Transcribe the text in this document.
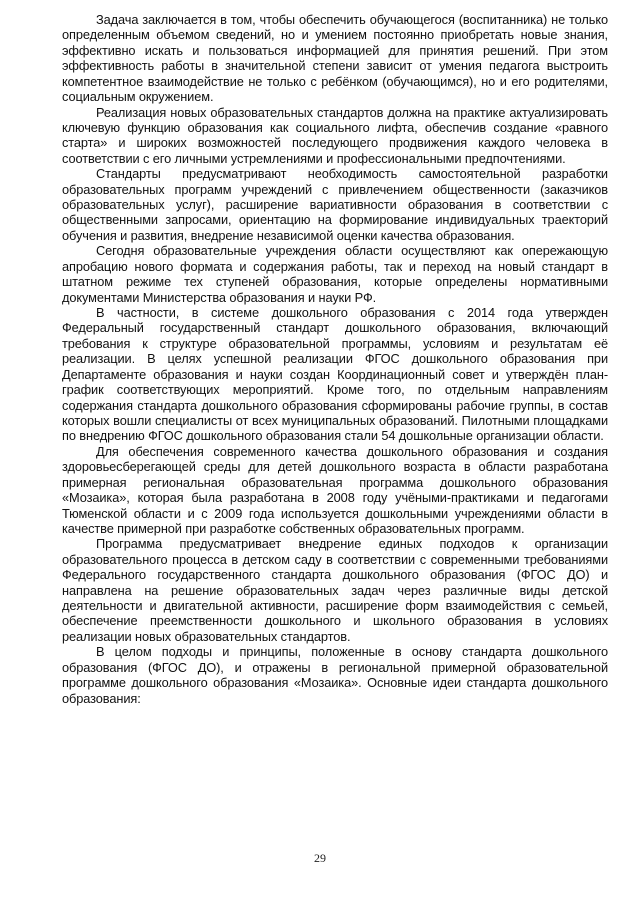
Задача заключается в том, чтобы обеспечить обучающегося (воспитанника) не только определенным объемом сведений, но и умением постоянно приобретать новые знания, эффективно искать и пользоваться информацией для принятия решений. При этом эффективность работы в значительной степени зависит от умения педагога выстроить компетентное взаимодействие не только с ребёнком (обучающимся), но и его родителями, социальным окружением.

Реализация новых образовательных стандартов должна на практике актуализировать ключевую функцию образования как социального лифта, обеспечив создание «равного старта» и широких возможностей последующего продвижения каждого человека в соответствии с его личными устремлениями и профессиональными предпочтениями.

Стандарты предусматривают необходимость самостоятельной разработки образовательных программ учреждений с привлечением общественности (заказчиков образовательных услуг), расширение вариативности образования в соответствии с общественными запросами, ориентацию на формирование индивидуальных траекторий обучения и развития, внедрение независимой оценки качества образования.

Сегодня образовательные учреждения области осуществляют как опережающую апробацию нового формата и содержания работы, так и переход на новый стандарт в штатном режиме тех ступеней образования, которые определены нормативными документами Министерства образования и науки РФ.

В частности, в системе дошкольного образования с 2014 года утвержден Федеральный государственный стандарт дошкольного образования, включающий требования к структуре образовательной программы, условиям и результатам её реализации. В целях успешной реализации ФГОС дошкольного образования при Департаменте образования и науки создан Координационный совет и утверждён план-график соответствующих мероприятий. Кроме того, по отдельным направлениям содержания стандарта дошкольного образования сформированы рабочие группы, в состав которых вошли специалисты от всех муниципальных образований. Пилотными площадками по внедрению ФГОС дошкольного образования стали 54 дошкольные организации области.

Для обеспечения современного качества дошкольного образования и создания здоровьесберегающей среды для детей дошкольного возраста в области разработана примерная региональная образовательная программа дошкольного образования «Мозаика», которая была разработана в 2008 году учёными-практиками и педагогами Тюменской области и с 2009 года используется дошкольными учреждениями области в качестве примерной при разработке собственных образовательных программ.

Программа предусматривает внедрение единых подходов к организации образовательного процесса в детском саду в соответствии с современными требованиями Федерального государственного стандарта дошкольного образования (ФГОС ДО) и направлена на решение образовательных задач через различные виды детской деятельности и двигательной активности, расширение форм взаимодействия с семьей, обеспечение преемственности дошкольного и школьного образования в условиях реализации новых образовательных стандартов.

В целом подходы и принципы, положенные в основу стандарта дошкольного образования (ФГОС ДО), и отражены в региональной примерной образовательной программе дошкольного образования «Мозаика». Основные идеи стандарта дошкольного образования:

29
